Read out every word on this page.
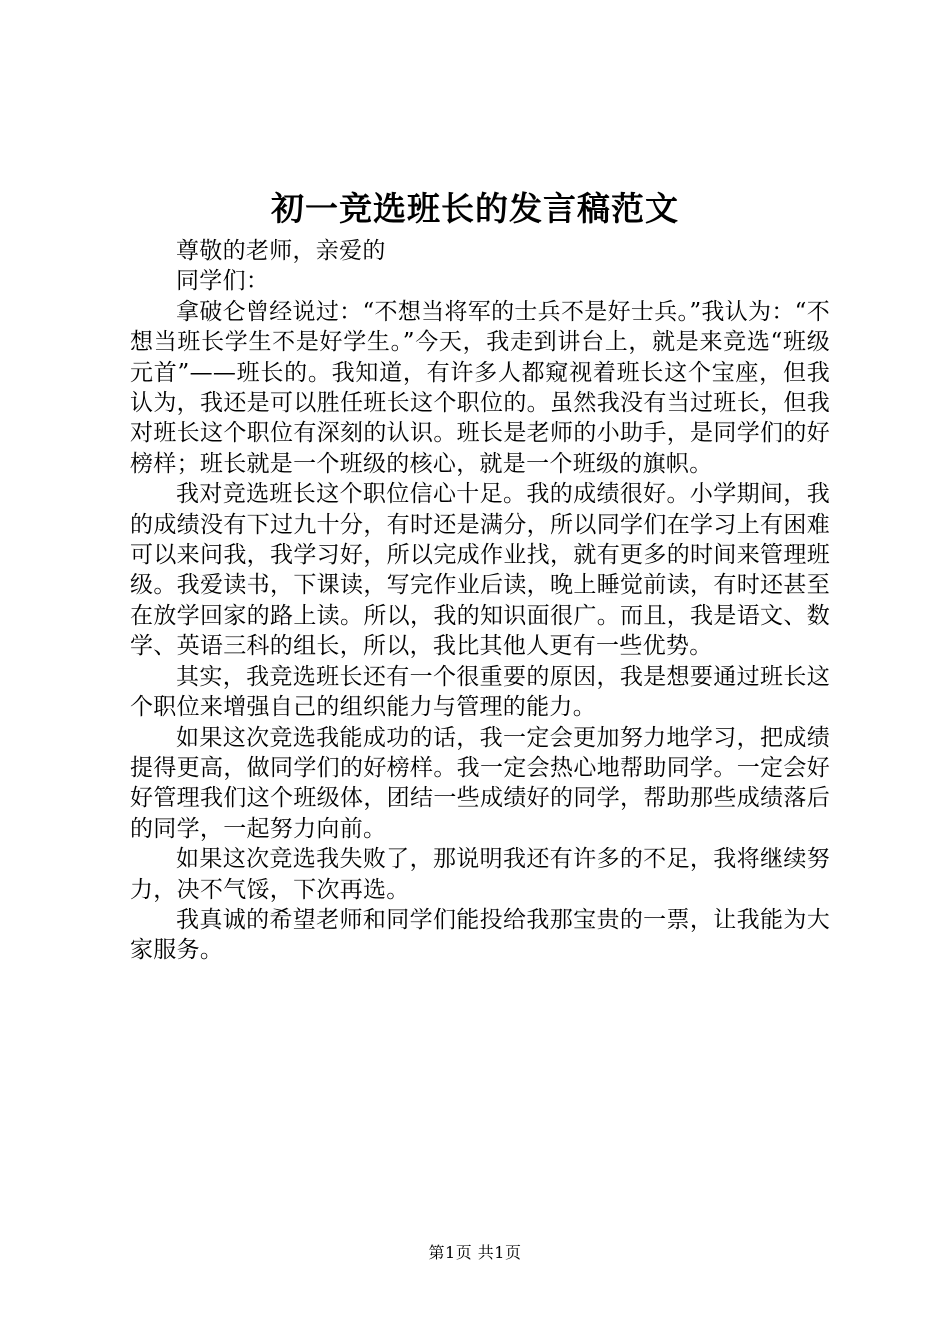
初一竞选班长的发言稿范文

尊敬的老师，亲爱的

同学们：

拿破仑曾经说过：“不想当将军的士兵不是好士兵。”我认为：“不想当班长学生不是好学生。”今天，我走到讲台上，就是来竞选“班级元首”——班长的。我知道，有许多人都窥视着班长这个宝座，但我认为，我还是可以胜任班长这个职位的。虽然我没有当过班长，但我对班长这个职位有深刻的认识。班长是老师的小助手，是同学们的好榜样；班长就是一个班级的核心，就是一个班级的旗帜。

我对竞选班长这个职位信心十足。我的成绩很好。小学期间，我的成绩没有下过九十分，有时还是满分，所以同学们在学习上有困难可以来问我，我学习好，所以完成作业找，就有更多的时间来管理班级。我爱读书，下课读，写完作业后读，晚上睡觉前读，有时还甚至在放学回家的路上读。所以，我的知识面很广。而且，我是语文、数学、英语三科的组长，所以，我比其他人更有一些优势。

其实，我竞选班长还有一个很重要的原因，我是想要通过班长这个职位来增强自己的组织能力与管理的能力。

如果这次竞选我能成功的话，我一定会更加努力地学习，把成绩提得更高，做同学们的好榜样。我一定会热心地帮助同学。一定会好好管理我们这个班级体，团结一些成绩好的同学，帮助那些成绩落后的同学，一起努力向前。

如果这次竞选我失败了，那说明我还有许多的不足，我将继续努力，决不气馁，下次再选。

我真诚的希望老师和同学们能投给我那宝贵的一票，让我能为大家服务。

第1页 共1页
